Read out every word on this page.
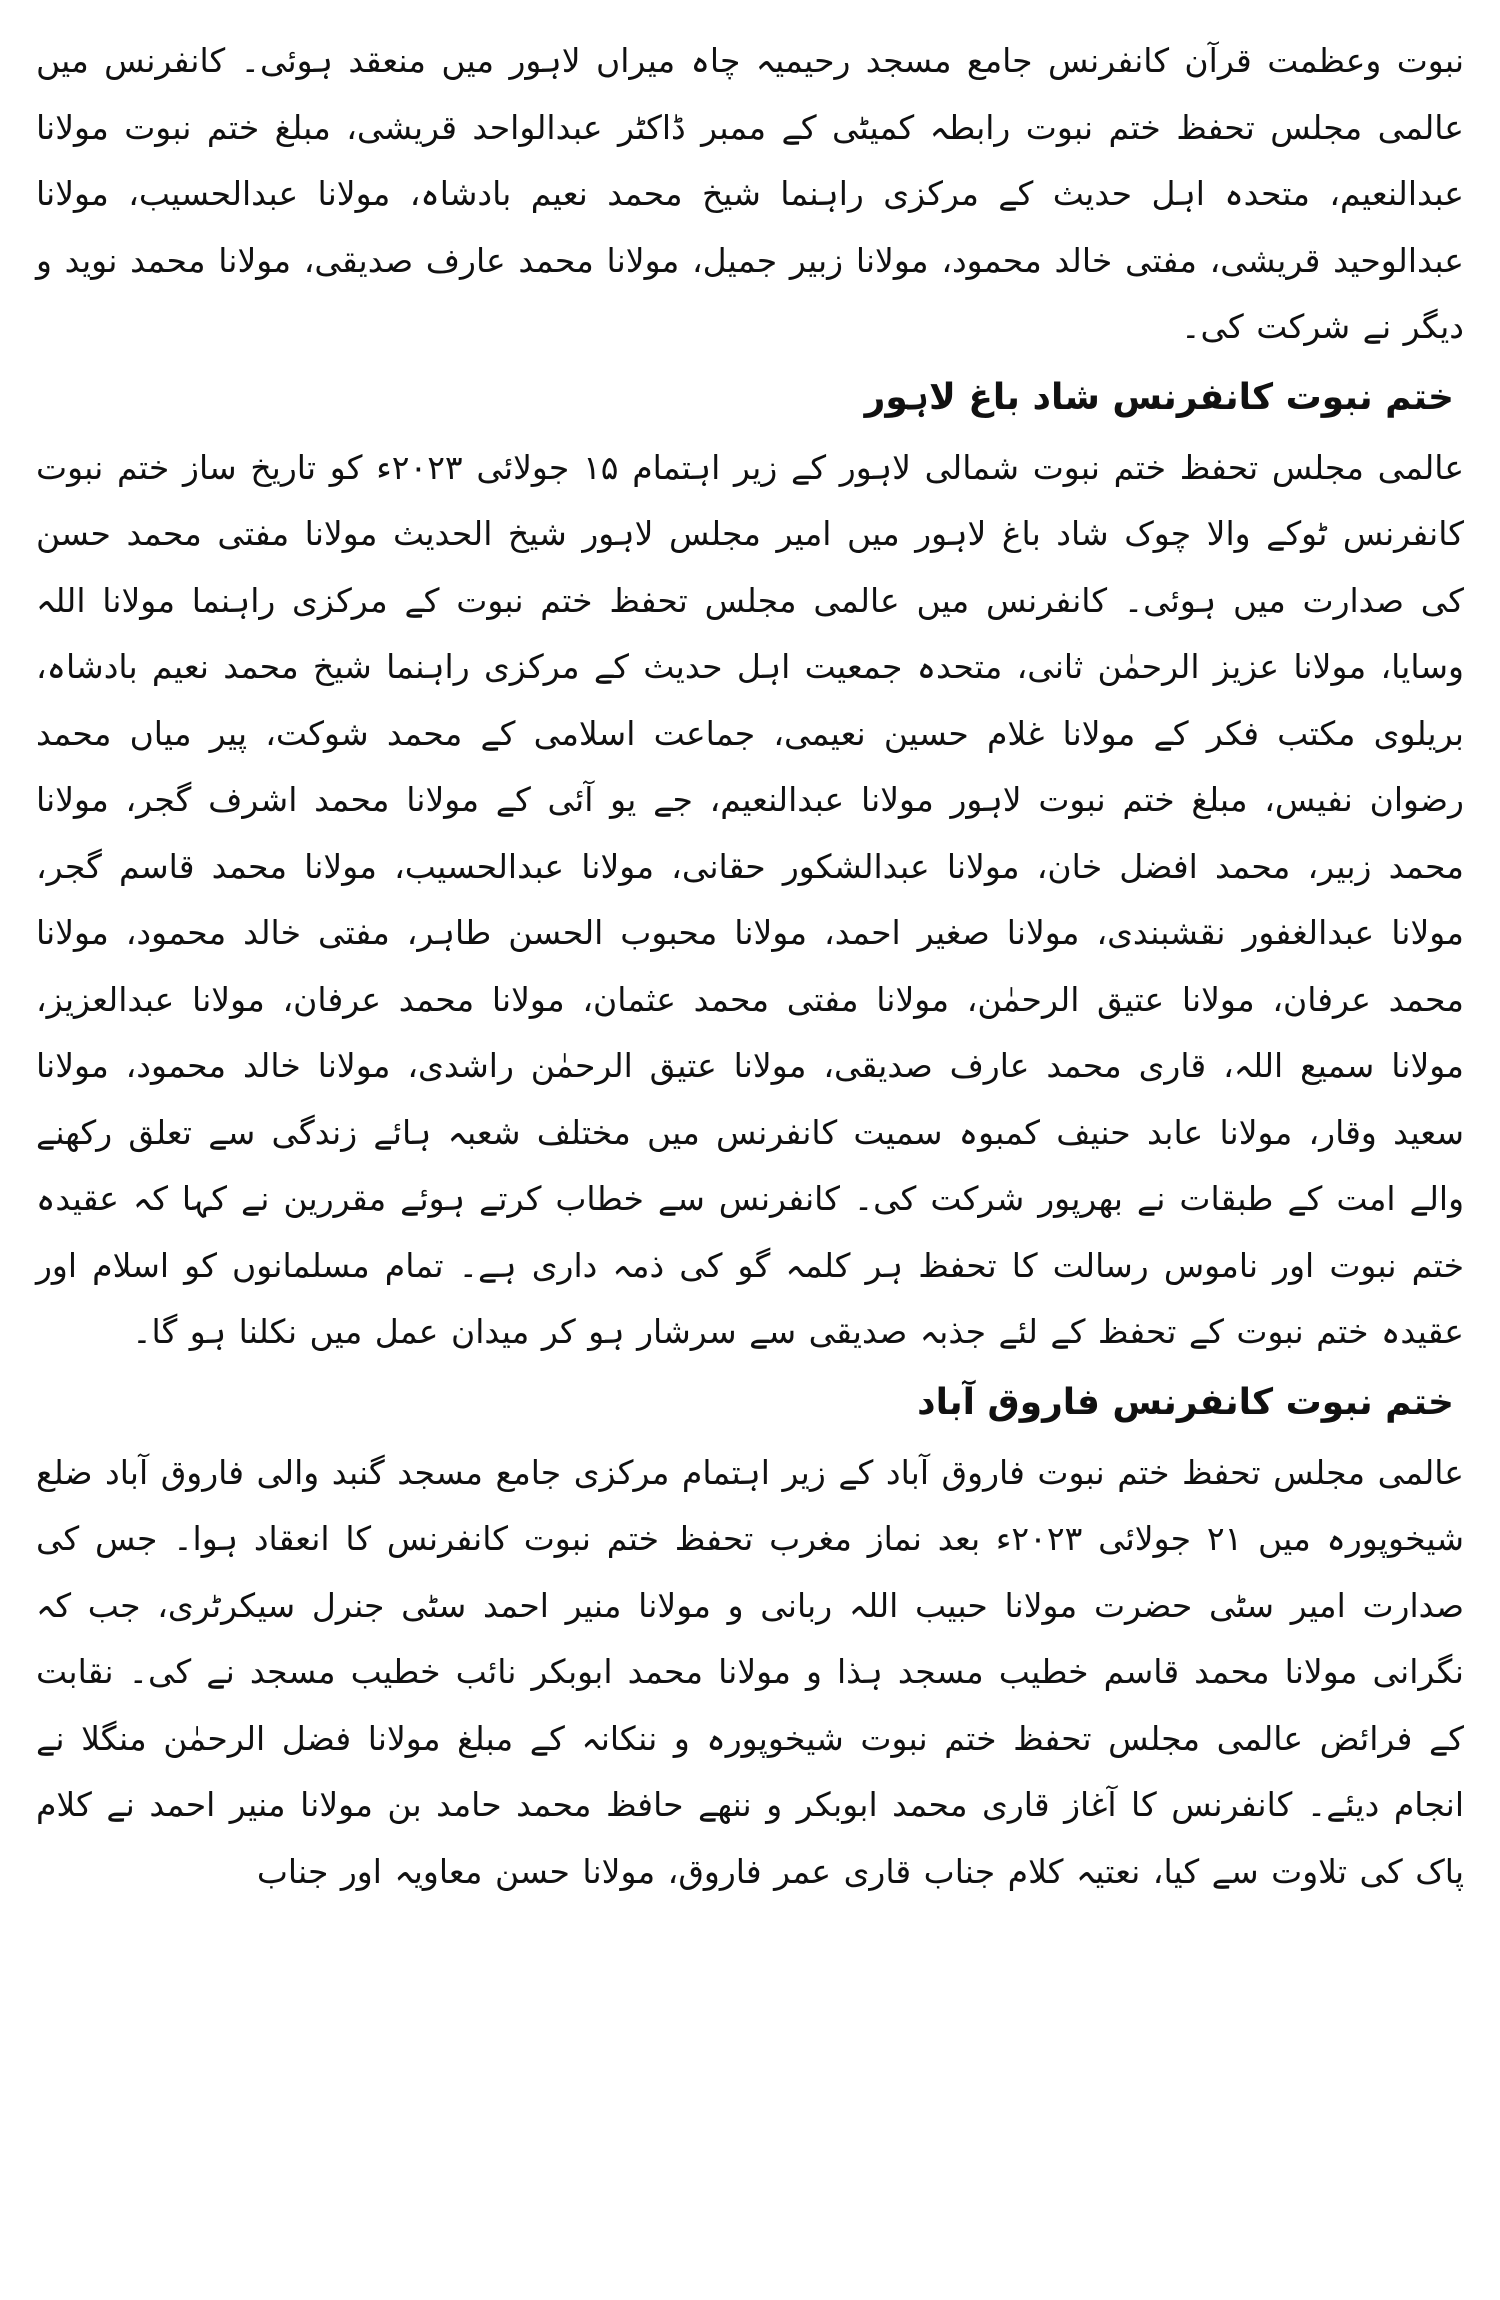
نبوت وعظمت قرآن کانفرنس جامع مسجد رحیمیہ چاہ میراں لاہور میں منعقد ہوئی۔ کانفرنس میں عالمی مجلس تحفظ ختم نبوت رابطہ کمیٹی کے ممبر ڈاکٹر عبدالواحد قریشی، مبلغ ختم نبوت مولانا عبدالنعیم، متحدہ اہل حدیث کے مرکزی راہنما شیخ محمد نعیم بادشاہ، مولانا عبدالحسیب، مولانا عبدالوحید قریشی، مفتی خالد محمود، مولانا زبیر جمیل، مولانا محمد عارف صدیقی، مولانا محمد نوید و دیگر نے شرکت کی۔

ختم نبوت کانفرنس شاد باغ لاہور

عالمی مجلس تحفظ ختم نبوت شمالی لاہور کے زیر اہتمام ۱۵ جولائی ۲۰۲۳ء کو تاریخ ساز ختم نبوت کانفرنس ٹوکے والا چوک شاد باغ لاہور میں امیر مجلس لاہور شیخ الحدیث مولانا مفتی محمد حسن کی صدارت میں ہوئی۔ کانفرنس میں عالمی مجلس تحفظ ختم نبوت کے مرکزی راہنما مولانا اللہ وسایا، مولانا عزیز الرحمٰن ثانی، متحدہ جمعیت اہل حدیث کے مرکزی راہنما شیخ محمد نعیم بادشاہ، بریلوی مکتب فکر کے مولانا غلام حسین نعیمی، جماعت اسلامی کے محمد شوکت، پیر میاں محمد رضوان نفیس، مبلغ ختم نبوت لاہور مولانا عبدالنعیم، جے یو آئی کے مولانا محمد اشرف گجر، مولانا محمد زبیر، محمد افضل خان، مولانا عبدالشکور حقانی، مولانا عبدالحسیب، مولانا محمد قاسم گجر، مولانا عبدالغفور نقشبندی، مولانا صغیر احمد، مولانا محبوب الحسن طاہر، مفتی خالد محمود، مولانا محمد عرفان، مولانا عتیق الرحمٰن، مولانا مفتی محمد عثمان، مولانا محمد عرفان، مولانا عبدالعزیز، مولانا سمیع اللہ، قاری محمد عارف صدیقی، مولانا عتیق الرحمٰن راشدی، مولانا خالد محمود، مولانا سعید وقار، مولانا عابد حنیف کمبوہ سمیت کانفرنس میں مختلف شعبہ ہائے زندگی سے تعلق رکھنے والے امت کے طبقات نے بھرپور شرکت کی۔ کانفرنس سے خطاب کرتے ہوئے مقررین نے کہا کہ عقیدہ ختم نبوت اور ناموس رسالت کا تحفظ ہر کلمہ گو کی ذمہ داری ہے۔ تمام مسلمانوں کو اسلام اور عقیدہ ختم نبوت کے تحفظ کے لئے جذبہ صدیقی سے سرشار ہو کر میدان عمل میں نکلنا ہو گا۔

ختم نبوت کانفرنس فاروق آباد

عالمی مجلس تحفظ ختم نبوت فاروق آباد کے زیر اہتمام مرکزی جامع مسجد گنبد والی فاروق آباد ضلع شیخوپورہ میں ۲۱ جولائی ۲۰۲۳ء بعد نماز مغرب تحفظ ختم نبوت کانفرنس کا انعقاد ہوا۔ جس کی صدارت امیر سٹی حضرت مولانا حبیب اللہ ربانی و مولانا منیر احمد سٹی جنرل سیکرٹری، جب کہ نگرانی مولانا محمد قاسم خطیب مسجد ہذا و مولانا محمد ابوبکر نائب خطیب مسجد نے کی۔ نقابت کے فرائض عالمی مجلس تحفظ ختم نبوت شیخوپورہ و ننکانہ کے مبلغ مولانا فضل الرحمٰن منگلا نے انجام دیئے۔ کانفرنس کا آغاز قاری محمد ابوبکر و ننھے حافظ محمد حامد بن مولانا منیر احمد نے کلام پاک کی تلاوت سے کیا، نعتیہ کلام جناب قاری عمر فاروق، مولانا حسن معاویہ اور جناب
